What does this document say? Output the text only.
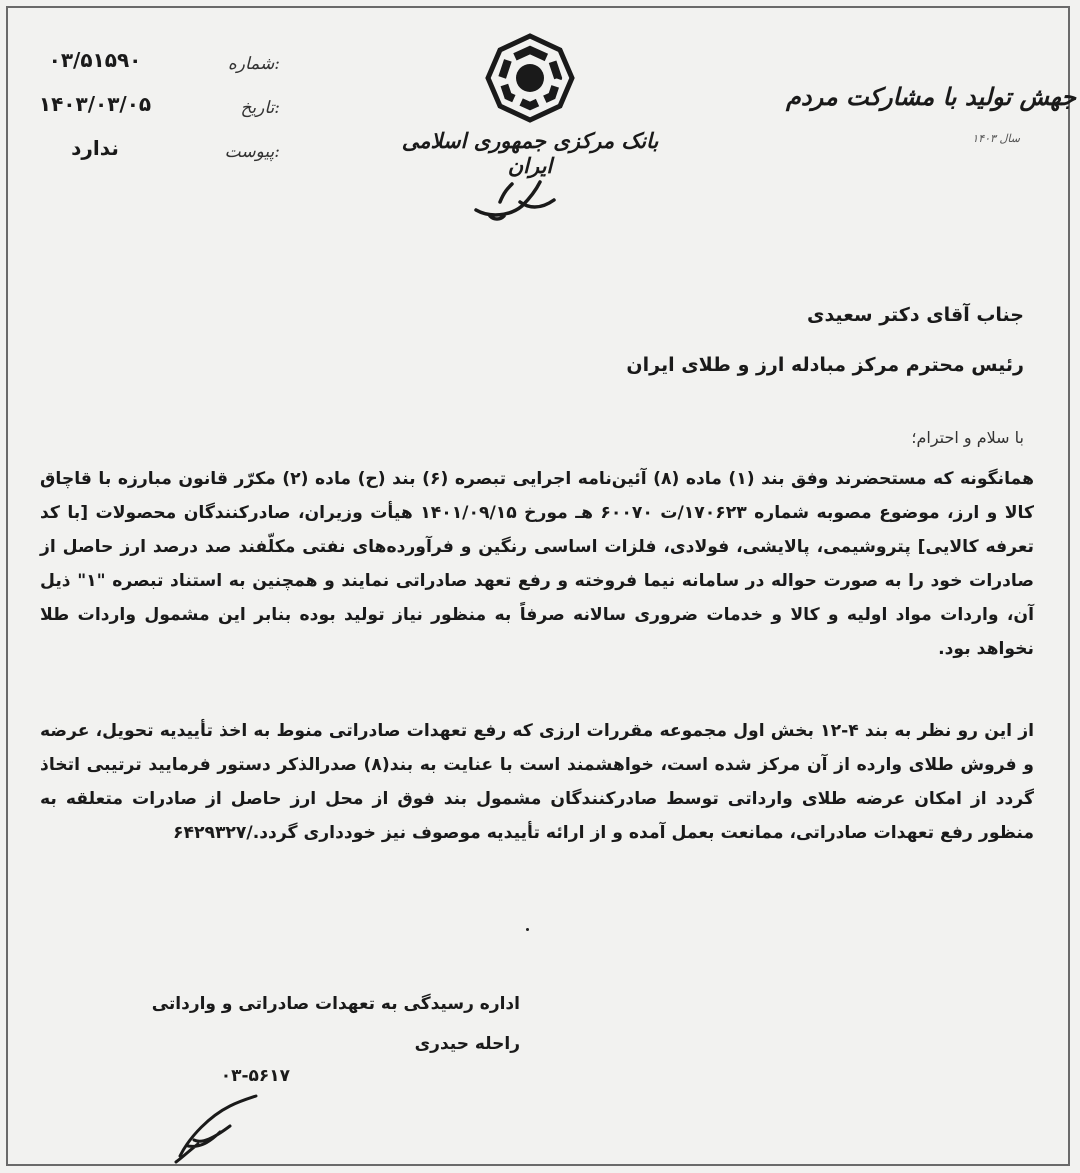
۰۳/۵۱۵۹۰	شماره:
۱۴۰۳/۰۳/۰۵	تاریخ:
ندارد	پیوست:	بانک مرکزی جمهوری اسلامی ایران
جهش تولید با مشارکت مردم
سال ۱۴۰۳
جناب آقای دکتر سعیدی
رئیس محترم مرکز مبادله ارز و طلای ایران
با سلام و احترام؛
همانگونه که مستحضرند وفق بند (۱) ماده (۸) آئین‌نامه اجرایی تبصره (۶) بند (ح) ماده (۲) مکرّر قانون مبارزه با قاچاق کالا و ارز، موضوع مصوبه شماره ۱۷۰۶۲۳/ت ۶۰۰۷۰ هـ مورخ ۱۴۰۱/۰۹/۱۵ هیأت وزیران، صادرکنندگان محصولات [با کد تعرفه کالایی] پتروشیمی، پالایشی، فولادی، فلزات اساسی رنگین و فرآورده‌های نفتی مکلّفند صد درصد ارز حاصل از صادرات خود را به صورت حواله در سامانه نیما فروخته و رفع تعهد صادراتی نمایند و همچنین به استناد تبصره "۱" ذیل آن، واردات مواد اولیه و کالا و خدمات ضروری سالانه صرفاً به منظور نیاز تولید بوده بنابر این مشمول واردات طلا نخواهد بود.
از این رو نظر به بند ۴-۱۲ بخش اول مجموعه مقررات ارزی که رفع تعهدات صادراتی منوط به اخذ تأییدیه تحویل، عرضه و فروش طلای وارده از آن مرکز شده است، خواهشمند است با عنایت به بند(۸) صدرالذکر دستور فرمایید ترتیبی اتخاذ گردد از امکان عرضه طلای وارداتی توسط صادرکنندگان مشمول بند فوق از محل ارز حاصل از صادرات متعلقه به منظور رفع تعهدات صادراتی، ممانعت بعمل آمده و از ارائه تأییدیه موصوف نیز خودداری گردد./۶۴۲۹۳۲۷
اداره رسیدگی به تعهدات صادراتی و وارداتی
راحله حیدری
۰۳-۵۶۱۷
